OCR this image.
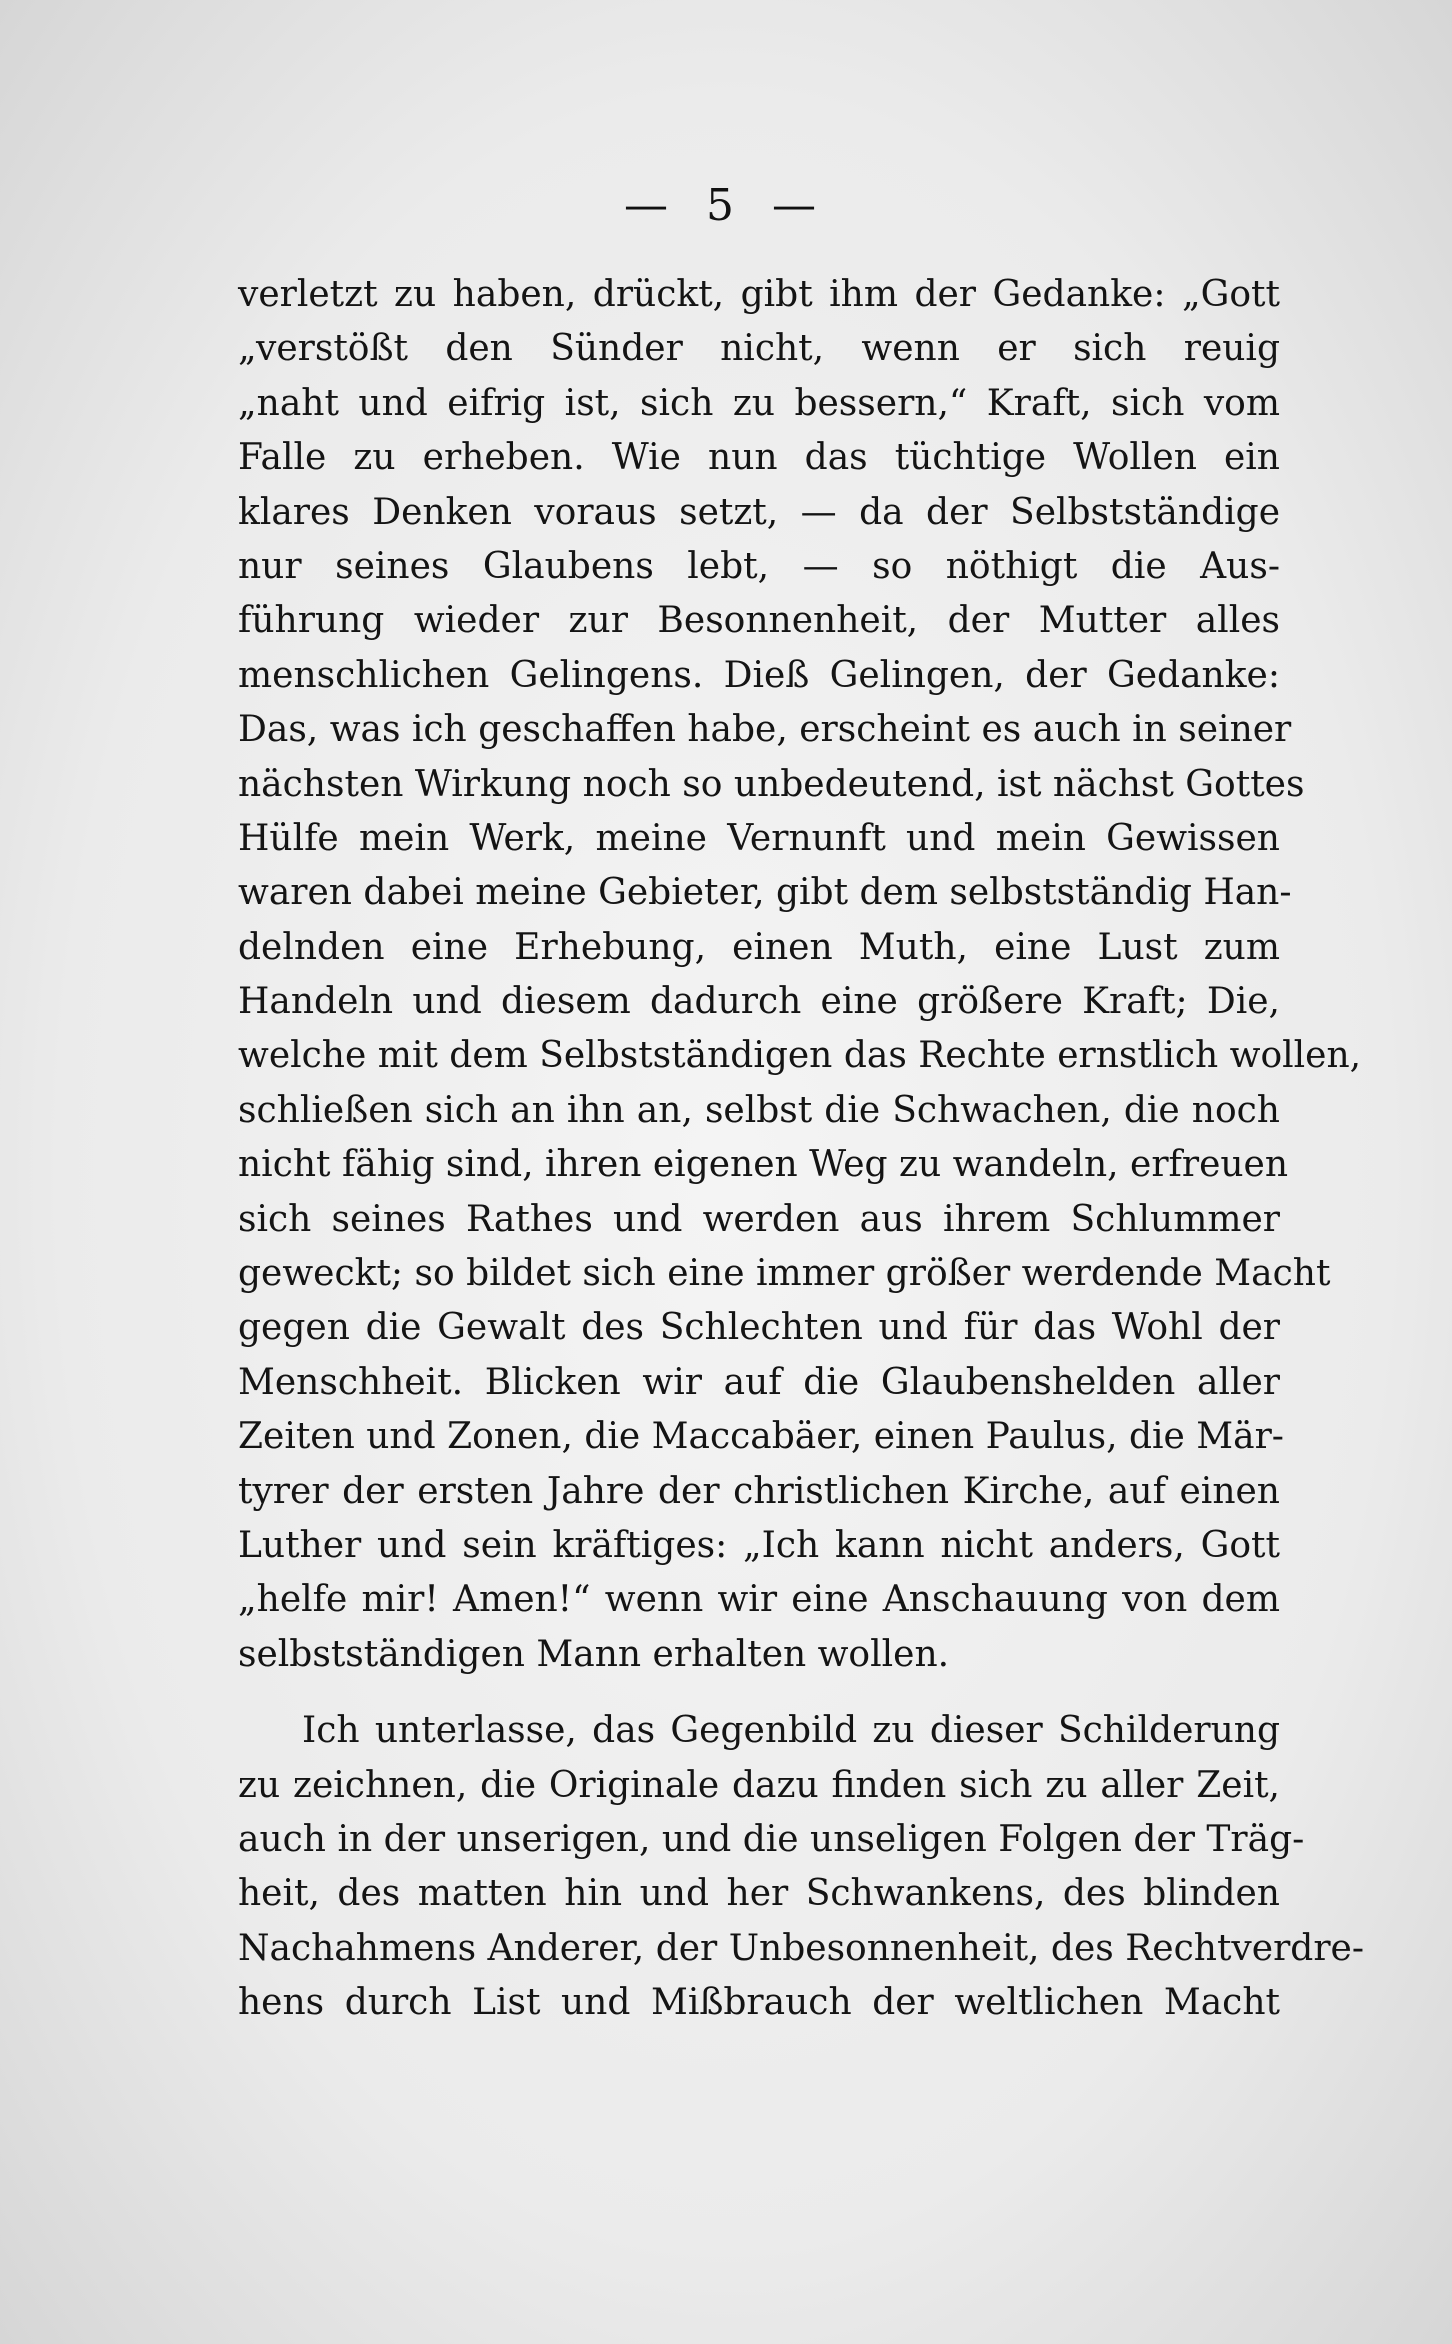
— 5 —
verletzt zu haben, drückt, gibt ihm der Gedanke: „Gott
„verstößt den Sünder nicht, wenn er sich reuig
„naht und eifrig ist, sich zu bessern,“ Kraft, sich vom
Falle zu erheben. Wie nun das tüchtige Wollen ein
klares Denken voraus setzt, — da der Selbstständige
nur seines Glaubens lebt, — so nöthigt die Aus-
führung wieder zur Besonnenheit, der Mutter alles
menschlichen Gelingens. Dieß Gelingen, der Gedanke:
Das, was ich geschaffen habe, erscheint es auch in seiner
nächsten Wirkung noch so unbedeutend, ist nächst Gottes
Hülfe mein Werk, meine Vernunft und mein Gewissen
waren dabei meine Gebieter, gibt dem selbstständig Han-
delnden eine Erhebung, einen Muth, eine Lust zum
Handeln und diesem dadurch eine größere Kraft; Die,
welche mit dem Selbstständigen das Rechte ernstlich wollen,
schließen sich an ihn an, selbst die Schwachen, die noch
nicht fähig sind, ihren eigenen Weg zu wandeln, erfreuen
sich seines Rathes und werden aus ihrem Schlummer
geweckt; so bildet sich eine immer größer werdende Macht
gegen die Gewalt des Schlechten und für das Wohl der
Menschheit. Blicken wir auf die Glaubenshelden aller
Zeiten und Zonen, die Maccabäer, einen Paulus, die Mär-
tyrer der ersten Jahre der christlichen Kirche, auf einen
Luther und sein kräftiges: „Ich kann nicht anders, Gott
„helfe mir! Amen!“ wenn wir eine Anschauung von dem
selbstständigen Mann erhalten wollen.
Ich unterlasse, das Gegenbild zu dieser Schilderung
zu zeichnen, die Originale dazu finden sich zu aller Zeit,
auch in der unserigen, und die unseligen Folgen der Träg-
heit, des matten hin und her Schwankens, des blinden
Nachahmens Anderer, der Unbesonnenheit, des Rechtverdre-
hens durch List und Mißbrauch der weltlichen Macht
